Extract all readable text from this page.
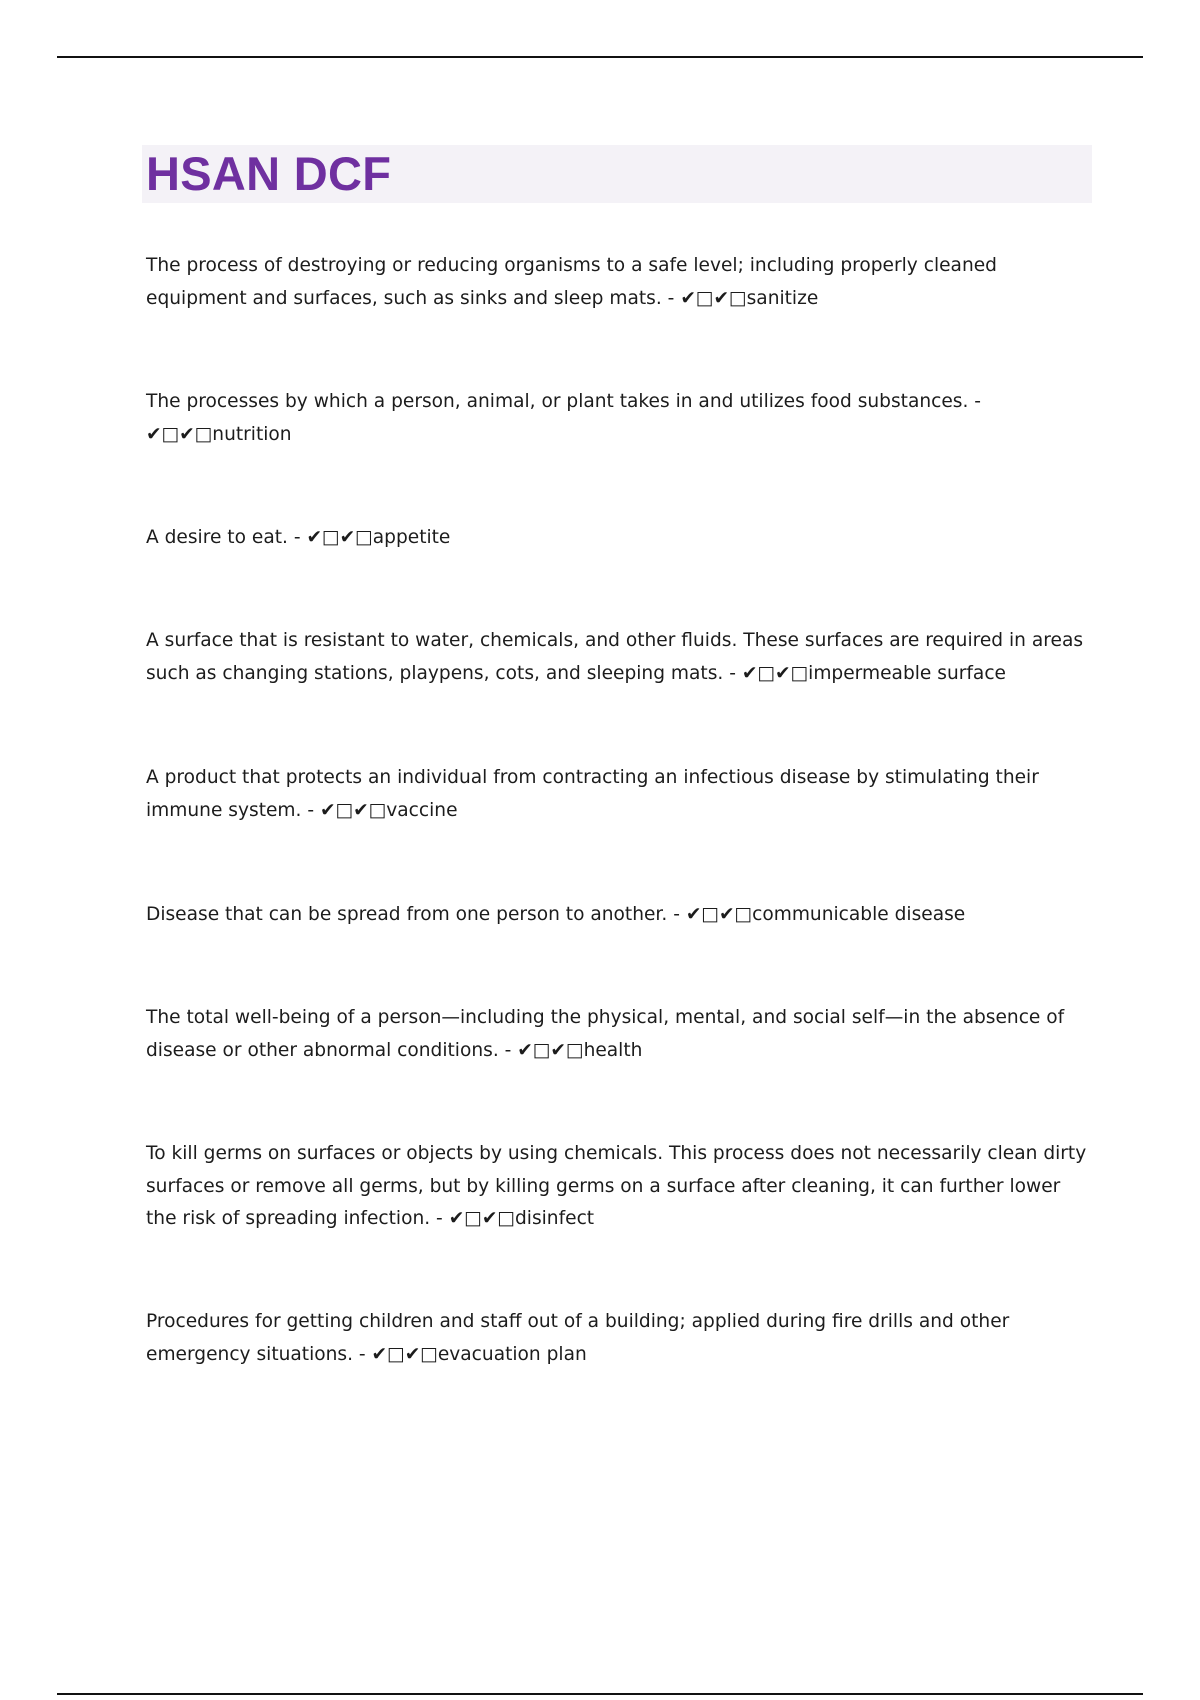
HSAN DCF

The process of destroying or reducing organisms to a safe level; including properly cleaned equipment and surfaces, such as sinks and sleep mats. - ✔□✔□sanitize

The processes by which a person, animal, or plant takes in and utilizes food substances. - ✔□✔□nutrition

A desire to eat. - ✔□✔□appetite

A surface that is resistant to water, chemicals, and other fluids. These surfaces are required in areas such as changing stations, playpens, cots, and sleeping mats. - ✔□✔□impermeable surface

A product that protects an individual from contracting an infectious disease by stimulating their immune system. - ✔□✔□vaccine

Disease that can be spread from one person to another. - ✔□✔□communicable disease

The total well-being of a person—including the physical, mental, and social self—in the absence of disease or other abnormal conditions. - ✔□✔□health

To kill germs on surfaces or objects by using chemicals. This process does not necessarily clean dirty surfaces or remove all germs, but by killing germs on a surface after cleaning, it can further lower the risk of spreading infection. - ✔□✔□disinfect

Procedures for getting children and staff out of a building; applied during fire drills and other emergency situations. - ✔□✔□evacuation plan
